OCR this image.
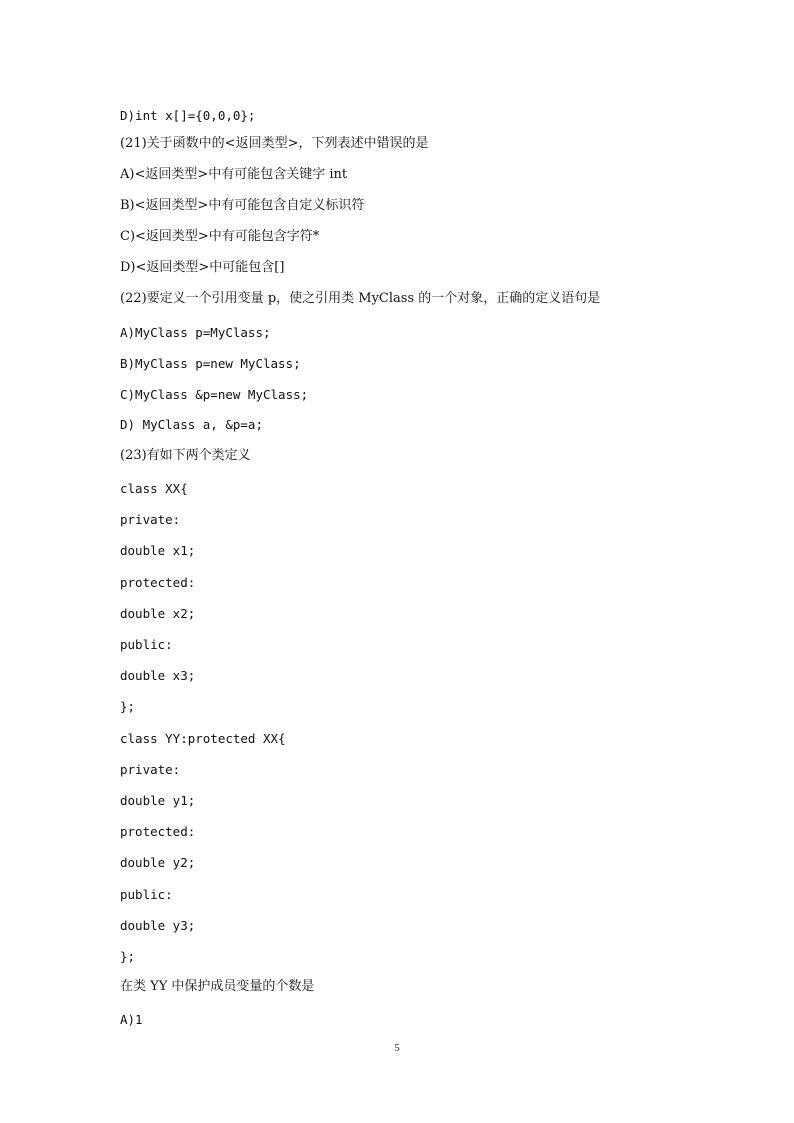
D)int x[]={0,0,0};
(21)关于函数中的<返回类型>，下列表述中错误的是
A)<返回类型>中有可能包含关键字 int
B)<返回类型>中有可能包含自定义标识符
C)<返回类型>中有可能包含字符*
D)<返回类型>中可能包含[]
(22)要定义一个引用变量 p，使之引用类 MyClass 的一个对象，正确的定义语句是
A)MyClass p=MyClass;
B)MyClass p=new MyClass;
C)MyClass &p=new MyClass;
D) MyClass a, &p=a;
(23)有如下两个类定义
class XX{
private:
double x1;
protected:
double x2;
public:
double x3;
};
class YY:protected XX{
private:
double y1;
protected:
double y2;
public:
double y3;
};
在类 YY 中保护成员变量的个数是
A)1
5
